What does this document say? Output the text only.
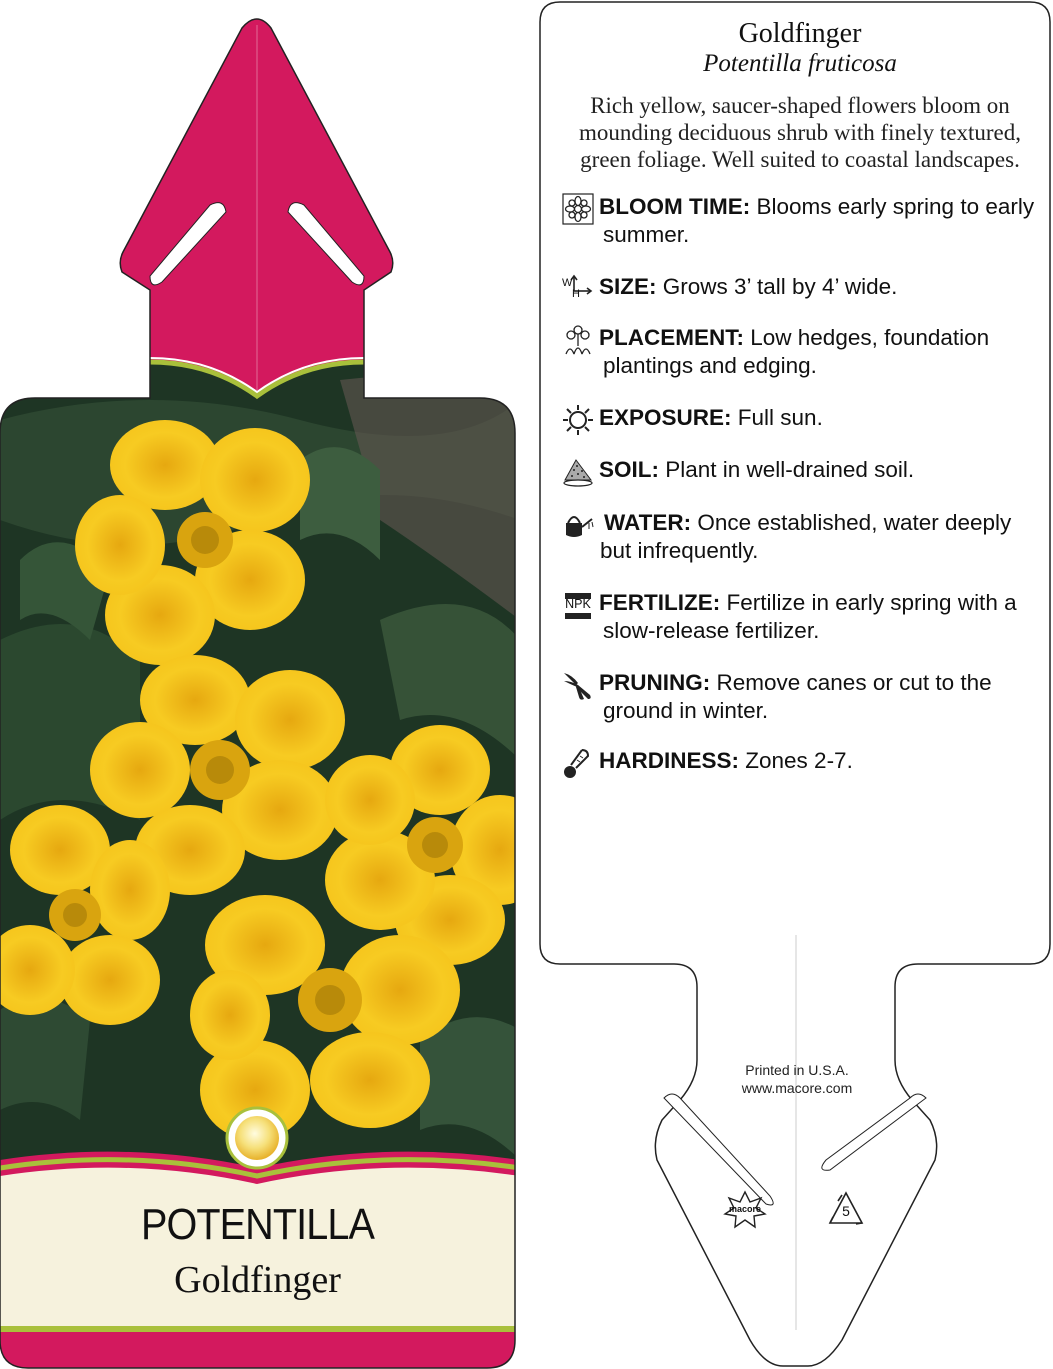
POTENTILLA
Goldfinger
Goldfinger
Potentilla fruticosa
Rich yellow, saucer-shaped flowers bloom on
mounding deciduous shrub with finely textured,
green foliage. Well suited to coastal landscapes.
BLOOM TIME: Blooms early spring to early
summer.
W
H SIZE: Grows 3’ tall by 4’ wide.
PLACEMENT: Low hedges, foundation
plantings and edging.
EXPOSURE: Full sun.
SOIL: Plant in well-drained soil.
WATER: Once established, water deeply
but infrequently.
NPK FERTILIZE: Fertilize in early spring with a
slow-release fertilizer.
PRUNING: Remove canes or cut to the
ground in winter.
HARDINESS: Zones 2-7.
Printed in U.S.A.
www.macore.com
macore	5
